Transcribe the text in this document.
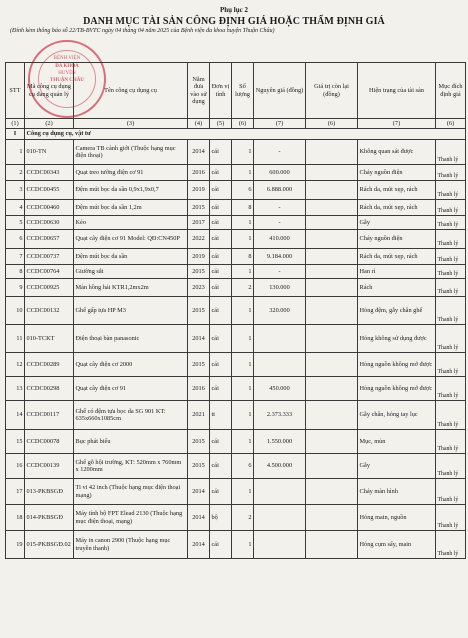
Phụ lục 2
DANH MỤC TÀI SẢN CÔNG ĐỊNH GIÁ HOẶC THẨM ĐỊNH GIÁ
(Đính kèm thông báo số 22/TB-BVTC ngày 04 tháng 04 năm 2025 của Bệnh viện đa khoa huyện Thuận Châu)
BỆNH VIỆN
ĐA KHOA
HUYỆN
THUẬN CHÂU
STT	Mã công cụ dụng cụ đang quản lý	Tên công cụ dụng cụ	Năm đưa vào sử dụng	Đơn vị tính	Số lượng	Nguyên giá (đồng)	Giá trị còn lại (đồng)	Hiện trạng của tài sản	Mục đích định giá
(1)	(2)	(3)	(4)	(5)	(6)	(7)	(6)	(7)	(6)
I	Công cụ dụng cụ, vật tư								
1	010-TN	Camera TB cảnh giới (Thuộc hạng mục điện thoại)	2014	cái	1	-		Không quan sát được	Thanh lý
2	CCDC00343	Quạt treo tường điện cơ 91	2016	cái	1	600.000		Cháy nguồn điện	Thanh lý
3	CCDC00455	Đệm mút bọc da sần 0,9x1,9x0,7	2019	cái	6	6.888.000		Rách da, mút xẹp, rách	Thanh lý
4	CCDC00460	Đệm mút bọc da sần 1,2m	2015	cái	8	-		Rách da, mút xẹp, rách	Thanh lý
5	CCDC00630	Kéo	2017	cái	1	-		Gẫy	Thanh lý
6	CCDC00657	Quạt cây điện cơ 91 Model: QĐ:CN450P	2022	cái	1	410.000		Cháy nguồn điện	Thanh lý
7	CCDC00737	Đệm mút bọc da sần	2019	cái	8	9.184.000		Rách da, mút xẹp, rách	Thanh lý
8	CCDC00764	Giường sắt	2015	cái	1	-		Han rỉ	Thanh lý
9	CCDC00925	Màn hồng hải KTR1,2mx2m	2023	cái	2	130.000		Rách	Thanh lý
10	CCDC00132	Ghế gấp tựa HP M3	2015	cái	1	320.000		Hỏng đệm, gẫy chân ghế	Thanh lý
11	010-TCKT	Điện thoại bàn panasonic	2014	cái	1			Hỏng không sử dụng được	Thanh lý
12	CCDC00289	Quạt cây điện cơ 2000	2015	cái	1			Hỏng nguồn không mở được	Thanh lý
13	CCDC00298	Quạt cây điện cơ 91	2016	cái	1	450.000		Hỏng nguồn không mở được	Thanh lý
14	CCDC00117	Ghế có đệm tựa bọc da SG 901 KT: 635x660x1085cm	2021	tt	1	2.373.333		Gẫy chân, hỏng tay lục	Thanh lý
15	CCDC00078	Bục phát biểu	2015	cái	1	1.550.000		Mục, mủn	Thanh lý
16	CCDC00139	Ghế gỗ hội trường, KT: 520mm x 760mm x 1200mm	2015	cái	6	4.500.000		Gẫy	Thanh lý
17	013-PKBSGĐ	Ti vi 42 inch (Thuộc hạng mục điện thoại mạng)	2014	cái	1			Cháy màn hình	Thanh lý
18	014-PKBSGĐ	Máy tính bộ FPT Elead 2130 (Thuộc hạng mục điện thoại, mạng)	2014	bộ	2			Hỏng main, nguồn	Thanh lý
19	015-PKBSGĐ.02	Máy in canon 2900 (Thuộc hạng mục truyền thanh)	2014	cái	1			Hỏng cụm sấy, main	Thanh lý
